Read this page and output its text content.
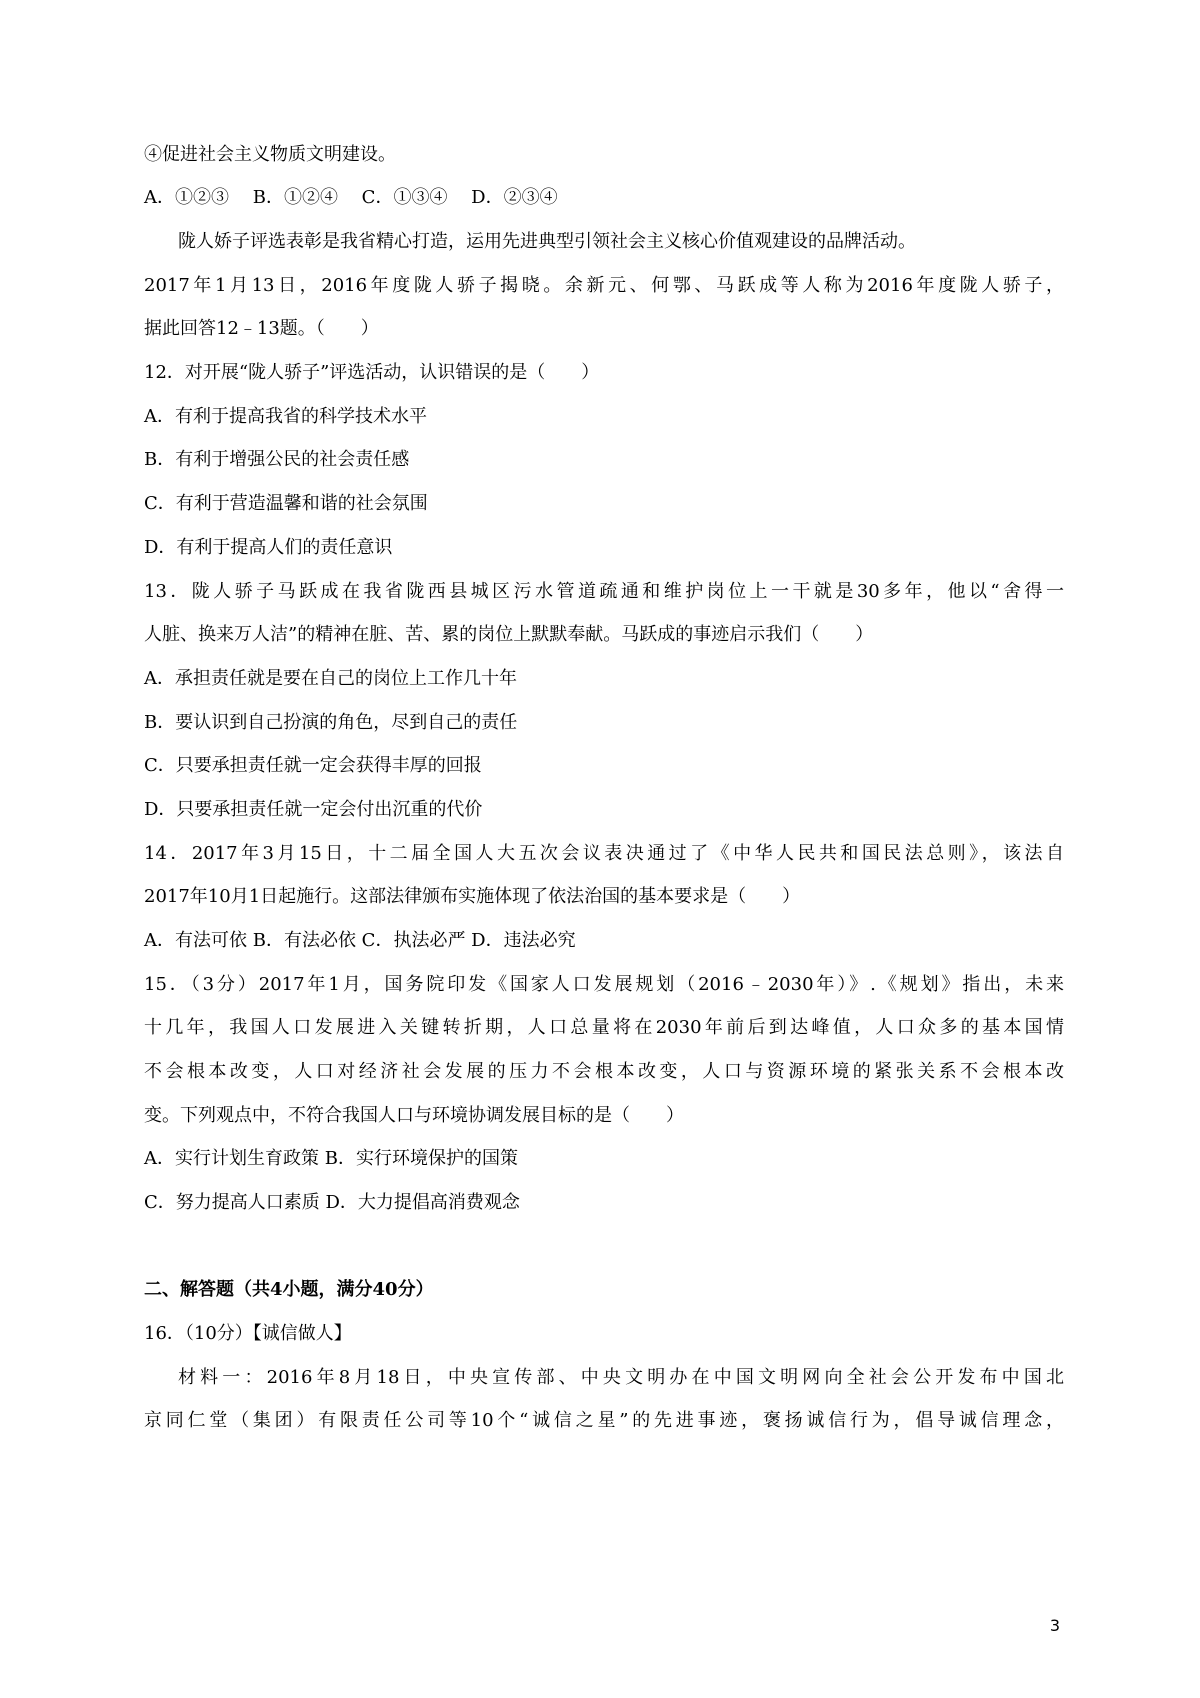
④促进社会主义物质文明建设。

A．①②③　 B．①②④　 C．①③④　 D．②③④

陇人娇子评选表彰是我省精心打造，运用先进典型引领社会主义核心价值观建设的品牌活动。

2017年1月13日，2016年度陇人骄子揭晓。余新元、何鄂、马跃成等人称为2016年度陇人骄子，

据此回答12﹣13题。（　　）

12．对开展“陇人骄子”评选活动，认识错误的是（　　）

A．有利于提高我省的科学技术水平

B．有利于增强公民的社会责任感

C．有利于营造温馨和谐的社会氛围

D．有利于提高人们的责任意识

13．陇人骄子马跃成在我省陇西县城区污水管道疏通和维护岗位上一干就是30多年，他以“舍得一

人脏、换来万人洁”的精神在脏、苦、累的岗位上默默奉献。马跃成的事迹启示我们（　　）

A．承担责任就是要在自己的岗位上工作几十年

B．要认识到自己扮演的角色，尽到自己的责任

C．只要承担责任就一定会获得丰厚的回报

D．只要承担责任就一定会付出沉重的代价

14．2017年3月15日，十二届全国人大五次会议表决通过了《中华人民共和国民法总则》，该法自

2017年10月1日起施行。这部法律颁布实施体现了依法治国的基本要求是（　　）

A．有法可依 B．有法必依 C．执法必严 D．违法必究

15．（3分）2017年1月，国务院印发《国家人口发展规划（2016﹣2030年）》.《规划》指出，未来

十几年，我国人口发展进入关键转折期，人口总量将在2030年前后到达峰值，人口众多的基本国情

不会根本改变，人口对经济社会发展的压力不会根本改变，人口与资源环境的紧张关系不会根本改

变。下列观点中，不符合我国人口与环境协调发展目标的是（　　）

A．实行计划生育政策 B．实行环境保护的国策

C．努力提高人口素质 D．大力提倡高消费观念

二、解答题（共4小题，满分40分）

16．（10分）【诚信做人】

材料一：2016年8月18日，中央宣传部、中央文明办在中国文明网向全社会公开发布中国北

京同仁堂（集团）有限责任公司等10个“诚信之星”的先进事迹，褒扬诚信行为，倡导诚信理念，

3
